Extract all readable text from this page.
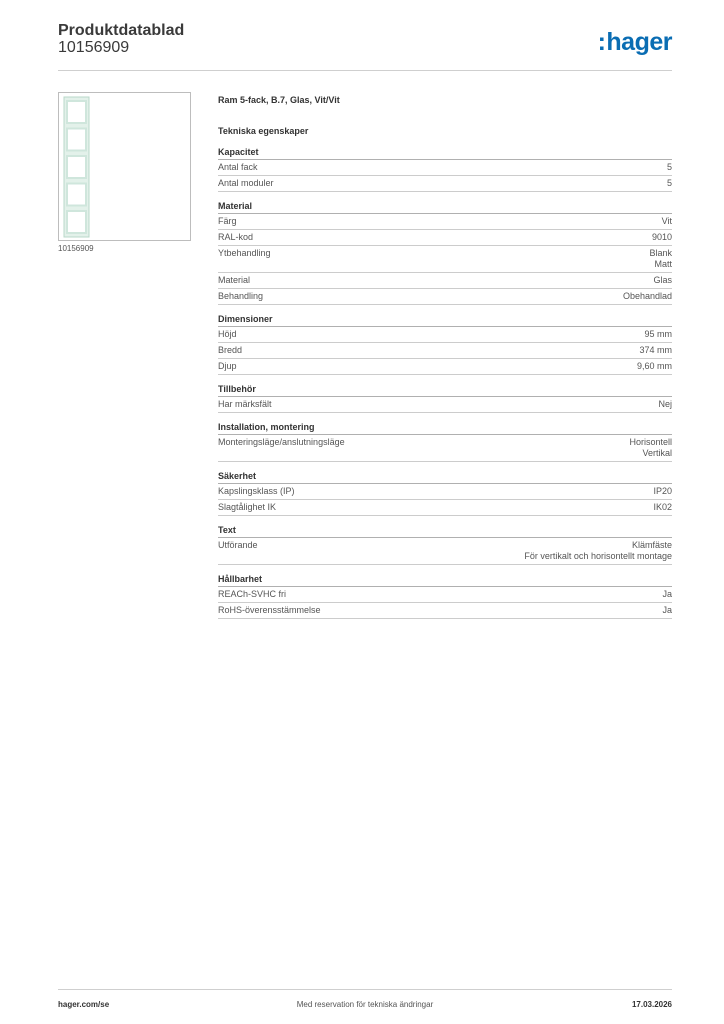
Produktdatablad
10156909	:hager
10156909
Ram 5-fack, B.7, Glas, Vit/Vit
Tekniska egenskaper
Kapacitet
Antal fack	5
Antal moduler	5
Material
Färg	Vit
RAL-kod	9010
Ytbehandling	Blank
Matt
Material	Glas
Behandling	Obehandlad
Dimensioner
Höjd	95 mm
Bredd	374 mm
Djup	9,60 mm
Tillbehör
Har märksfält	Nej
Installation, montering
Monteringsläge/anslutningsläge	Horisontell
Vertikal
Säkerhet
Kapslingsklass (IP)	IP20
Slagtålighet IK	IK02
Text
Utförande	Klämfäste
För vertikalt och horisontellt montage
Hållbarhet
REACh-SVHC fri	Ja
RoHS-överensstämmelse	Ja
hager.com/se	Med reservation för tekniska ändringar	17.03.2026
